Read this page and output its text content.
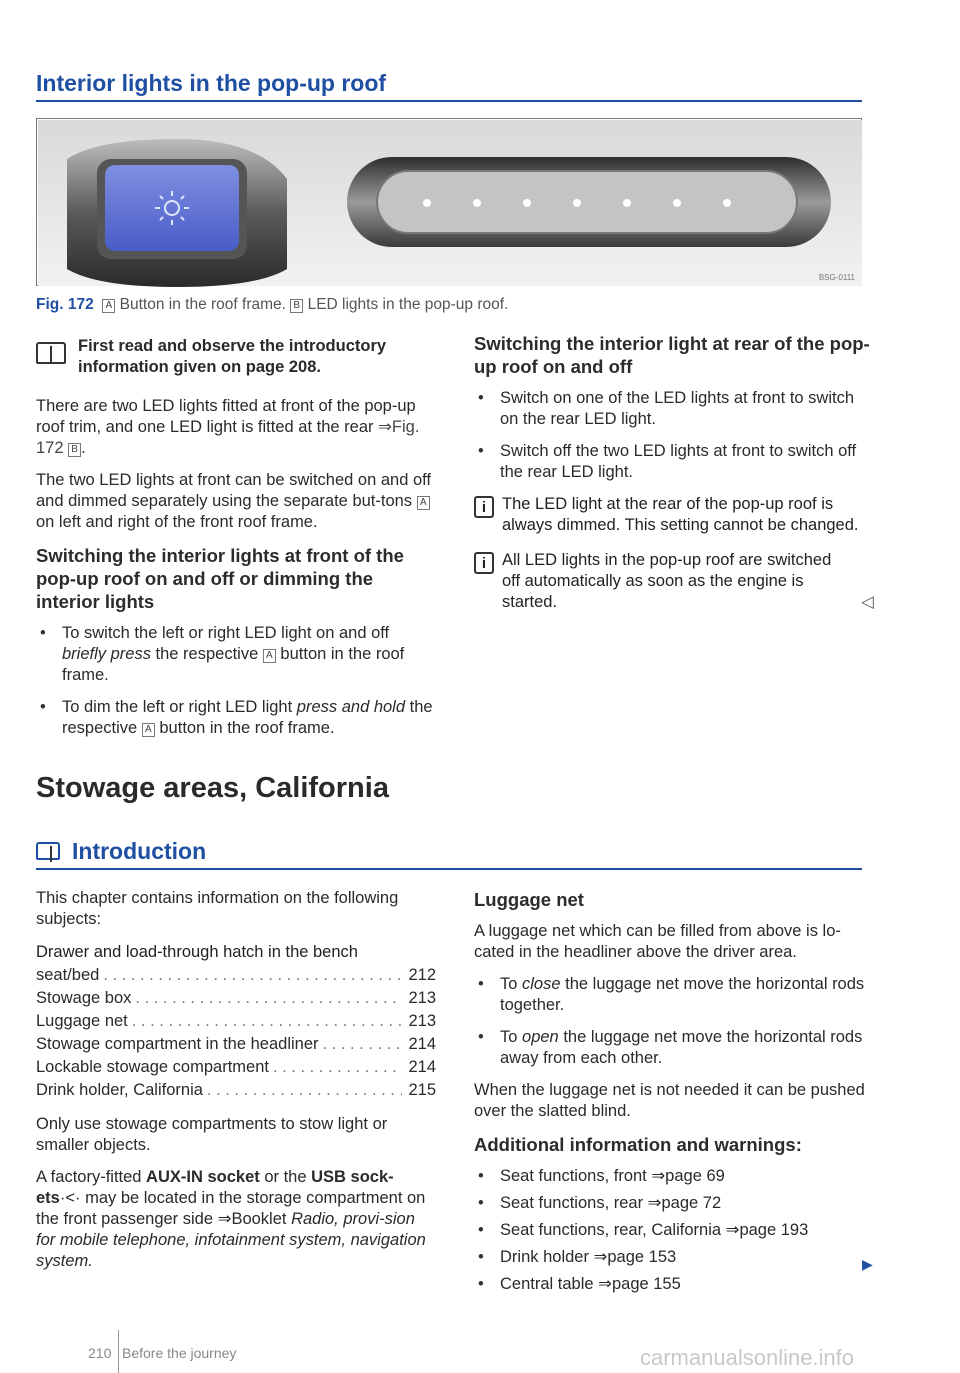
Interior lights in the pop-up roof
BSG-0111
Fig. 172 A Button in the roof frame. B LED lights in the pop-up roof.

First read and observe the introductory information given on page 208.

There are two LED lights fitted at front of the pop-up roof trim, and one LED light is fitted at the rear ⇒Fig. 172 B .

The two LED lights at front can be switched on and off and dimmed separately using the separate but-tons A on left and right of the front roof frame.

Switching the interior lights at front of the pop-up roof on and off or dimming the interior lights
• To switch the left or right LED light on and off briefly press the respective A button in the roof frame.
• To dim the left or right LED light press and hold the respective A button in the roof frame.
Switching the interior light at rear of the pop-up roof on and off
• Switch on one of the LED lights at front to switch on the rear LED light.
• Switch off the two LED lights at front to switch off the rear LED light.
i The LED light at the rear of the pop-up roof is always dimmed. This setting cannot be changed.
i All LED lights in the pop-up roof are switched off automatically as soon as the engine is started.	◁
Stowage areas, California
Introduction

This chapter contains information on the following subjects:

Drawer and load-through hatch in the bench
seat/bed . . .	212
Stowage box . . .	213
Luggage net . . .	213
Stowage compartment in the headliner . . .	214
Lockable stowage compartment . . .	214
Drink holder, California . . .	215

Only use stowage compartments to stow light or smaller objects.

A factory-fitted AUX-IN socket or the USB sock-ets·<· may be located in the storage compartment on the front passenger side ⇒Booklet Radio, provi-sion for mobile telephone, infotainment system, navigation system.

Luggage net

A luggage net which can be filled from above is lo-cated in the headliner above the driver area.

• To close the luggage net move the horizontal rods together.
• To open the luggage net move the horizontal rods away from each other.

When the luggage net is not needed it can be pushed over the slatted blind.

Additional information and warnings:
• Seat functions, front ⇒page 69
• Seat functions, rear ⇒page 72
• Seat functions, rear, California ⇒page 193
• Drink holder ⇒page 153
• Central table ⇒page 155
▶
210 Before the journey	carmanualsonline.info
